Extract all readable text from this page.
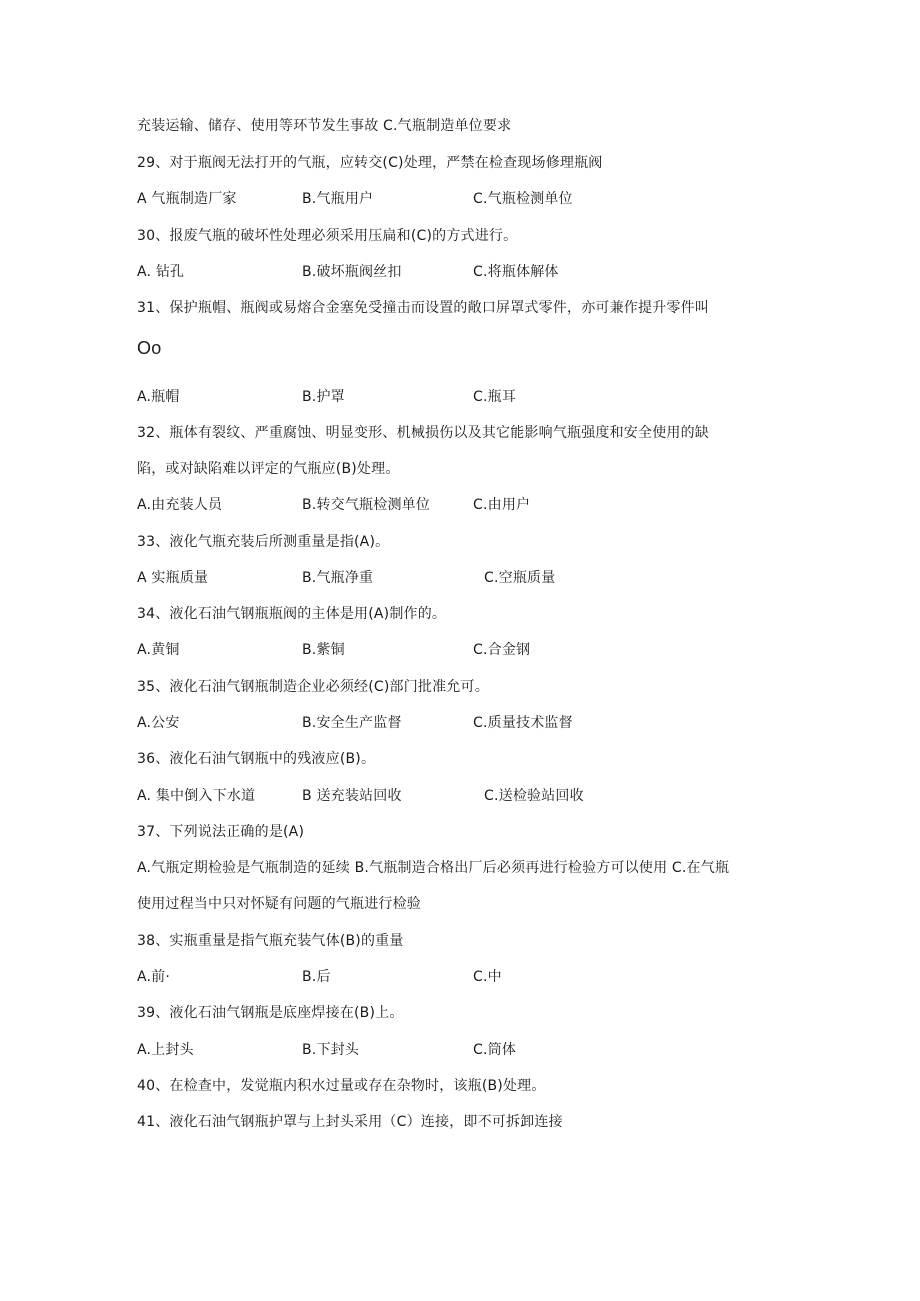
充装运输、储存、使用等环节发生事故 C.气瓶制造单位要求
29、对于瓶阀无法打开的气瓶，应转交(C)处理，严禁在检查现场修理瓶阀
A 气瓶制造厂家	B.气瓶用户	C.气瓶检测单位
30、报废气瓶的破坏性处理必须采用压扁和(C)的方式进行。
A. 钻孔	B.破坏瓶阀丝扣	C.将瓶体解体
31、保护瓶帽、瓶阀或易熔合金塞免受撞击而设置的敞口屏罩式零件，亦可兼作提升零件叫
Oo
A.瓶帽	B.护罩	C.瓶耳
32、瓶体有裂纹、严重腐蚀、明显变形、机械损伤以及其它能影响气瓶强度和安全使用的缺
陷，或对缺陷难以评定的气瓶应(B)处理。
A.由充装人员	B.转交气瓶检测单位	C.由用户
33、液化气瓶充装后所测重量是指(A)。
A 实瓶质量	B.气瓶净重	C.空瓶质量
34、液化石油气钢瓶瓶阀的主体是用(A)制作的。
A.黄铜	B.紫铜	C.合金钢
35、液化石油气钢瓶制造企业必须经(C)部门批准允可。
A.公安	B.安全生产监督	C.质量技术监督
36、液化石油气钢瓶中的残液应(B)。
A. 集中倒入下水道	B 送充装站回收	C.送检验站回收
37、下列说法正确的是(A)
A.气瓶定期检验是气瓶制造的延续 B.气瓶制造合格出厂后必须再进行检验方可以使用 C.在气瓶
使用过程当中只对怀疑有问题的气瓶进行检验
38、实瓶重量是指气瓶充装气体(B)的重量
A.前·	B.后	C.中
39、液化石油气钢瓶是底座焊接在(B)上。
A.上封头	B.下封头	C.筒体
40、在检查中，发觉瓶内积水过量或存在杂物时，该瓶(B)处理。
41、液化石油气钢瓶护罩与上封头采用（C）连接，即不可拆卸连接
